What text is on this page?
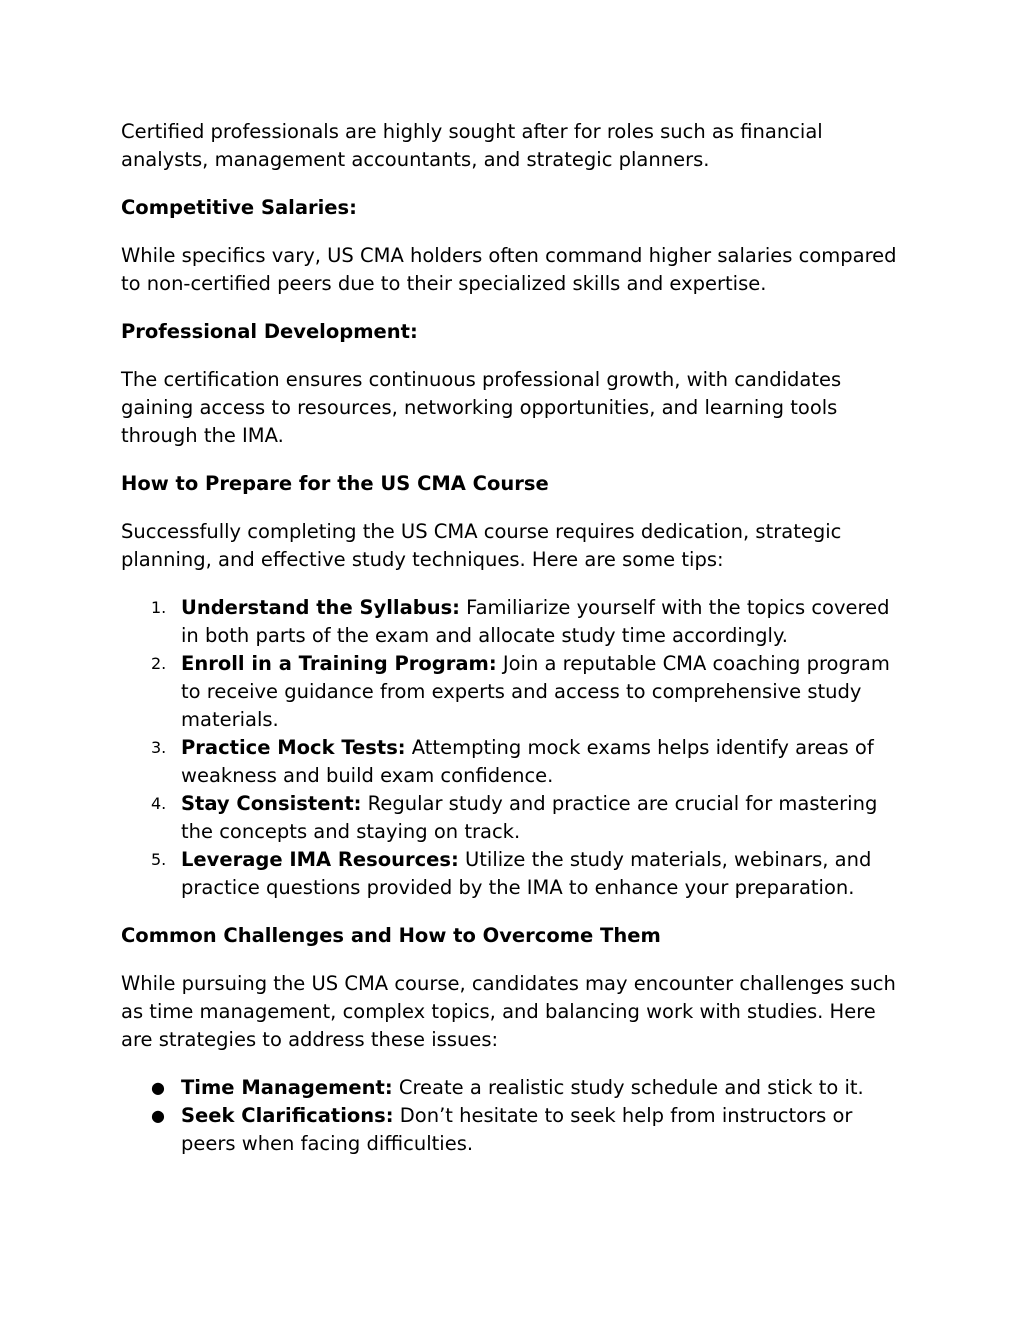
Certified professionals are highly sought after for roles such as financial analysts, management accountants, and strategic planners.

Competitive Salaries:

While specifics vary, US CMA holders often command higher salaries compared to non-certified peers due to their specialized skills and expertise.

Professional Development:

The certification ensures continuous professional growth, with candidates gaining access to resources, networking opportunities, and learning tools through the IMA.

How to Prepare for the US CMA Course

Successfully completing the US CMA course requires dedication, strategic planning, and effective study techniques. Here are some tips:

1. Understand the Syllabus: Familiarize yourself with the topics covered in both parts of the exam and allocate study time accordingly.
2. Enroll in a Training Program: Join a reputable CMA coaching program to receive guidance from experts and access to comprehensive study materials.
3. Practice Mock Tests: Attempting mock exams helps identify areas of weakness and build exam confidence.
4. Stay Consistent: Regular study and practice are crucial for mastering the concepts and staying on track.
5. Leverage IMA Resources: Utilize the study materials, webinars, and practice questions provided by the IMA to enhance your preparation.

Common Challenges and How to Overcome Them

While pursuing the US CMA course, candidates may encounter challenges such as time management, complex topics, and balancing work with studies. Here are strategies to address these issues:

● Time Management: Create a realistic study schedule and stick to it.
● Seek Clarifications: Don’t hesitate to seek help from instructors or peers when facing difficulties.
